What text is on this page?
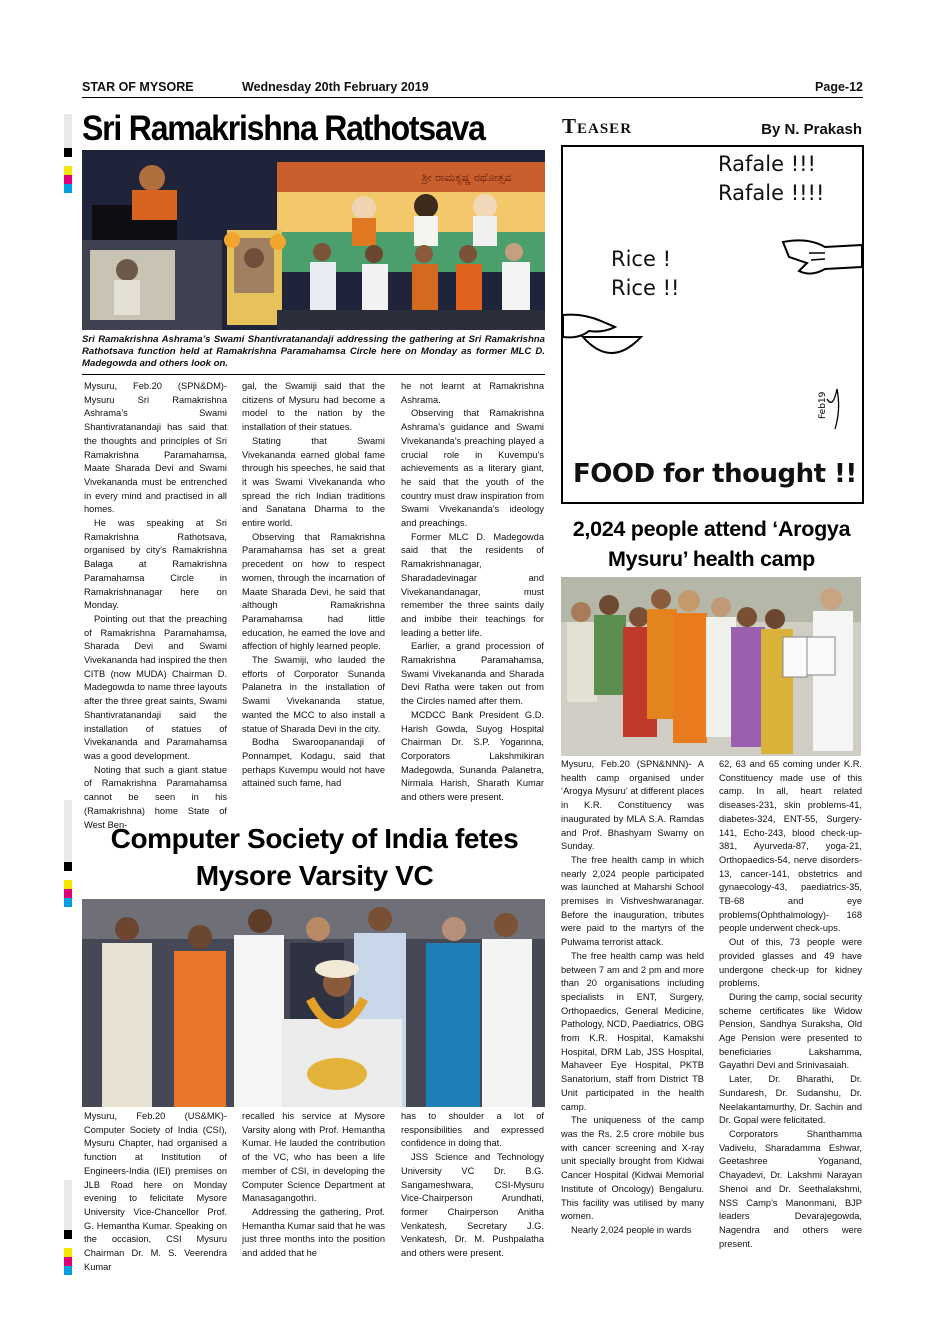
STAR OF MYSORE	Wednesday 20th February 2019	Page-12
Sri Ramakrishna Rathotsava
ಶ್ರೀ ರಾಮಕೃಷ್ಣ ರಥೋತ್ಸವ
Sri Ramakrishna Ashrama’s Swami Shantivratanandaji addressing the gathering at Sri Ramakrishna Rathotsava function held at Ramakrishna Paramahamsa Circle here on Monday as former MLC D. Madegowda and others look on.

Mysuru, Feb.20 (SPN&DM)- Mysuru Sri Ramakrishna Ashrama’s Swami Shantivratanandaji has said that the thoughts and principles of Sri Ramakrishna Paramahamsa, Maate Sharada Devi and Swami Vivekananda must be entrenched in every mind and practised in all homes.

He was speaking at Sri Ramakrishna Rathotsava, organised by city’s Ramakrishna Balaga at Ramakrishna Paramahamsa Circle in Ramakrishnanagar here on Monday.

Pointing out that the preaching of Ramakrishna Paramahamsa, Sharada Devi and Swami Vivekananda had inspired the then CITB (now MUDA) Chairman D. Madegowda to name three layouts after the three great saints, Swami Shantivratanandaji said the installation of statues of Vivekananda and Paramahamsa was a good development.

Noting that such a giant statue of Ramakrishna Paramahamsa cannot be seen in his (Ramakrishna) home State of West Ben-

gal, the Swamiji said that the citizens of Mysuru had become a model to the nation by the installation of their statues.

Stating that Swami Vivekananda earned global fame through his speeches, he said that it was Swami Vivekananda who spread the rich Indian traditions and Sanatana Dharma to the entire world.

Observing that Ramakrishna Paramahamsa has set a great precedent on how to respect women, through the incarnation of Maate Sharada Devi, he said that although Ramakrishna Paramahamsa had little education, he earned the love and affection of highly learned people.

The Swamiji, who lauded the efforts of Corporator Sunanda Palanetra in the installation of Swami Vivekananda statue, wanted the MCC to also install a statue of Sharada Devi in the city.

Bodha Swaroopanandaji of Ponnampet, Kodagu, said that perhaps Kuvempu would not have attained such fame, had

he not learnt at Ramakrishna Ashrama.

Observing that Ramakrishna Ashrama’s guidance and Swami Vivekananda’s preaching played a crucial role in Kuvempu’s achievements as a literary giant, he said that the youth of the country must draw inspiration from Swami Vivekananda’s ideology and preachings.

Former MLC D. Madegowda said that the residents of Ramakrishnanagar, Sharadadevinagar and Vivekanandanagar, must remember the three saints daily and imbibe their teachings for leading a better life.

Earlier, a grand procession of Ramakrishna Paramahamsa, Swami Vivekananda and Sharada Devi Ratha were taken out from the Circles named after them.

MCDCC Bank President G.D. Harish Gowda, Suyog Hospital Chairman Dr. S.P. Yogannna, Corporators Lakshmikiran Madegowda, Sunanda Palanetra, Nirmala Harish, Sharath Kumar and others were present.

Teaser	By N. Prakash
Rafale !!!
Rafale !!!!
Rice !
Rice !!
Feb19
FOOD for thought !!
2,024 people attend ‘Arogya
Mysuru’ health camp

Mysuru, Feb.20 (SPN&NNN)- A health camp organised under ‘Arogya Mysuru’ at different places in K.R. Constituency was inaugurated by MLA S.A. Ramdas and Prof. Bhashyam Swamy on Sunday.

The free health camp in which nearly 2,024 people participated was launched at Maharshi School premises in Vishveshwaranagar. Before the inauguration, tributes were paid to the martyrs of the Pulwama terrorist attack.

The free health camp was held between 7 am and 2 pm and more than 20 organisations including specialists in ENT, Surgery, Orthopaedics, General Medicine, Pathology, NCD, Paediatrics, OBG from K.R. Hospital, Kamakshi Hospital, DRM Lab, JSS Hospital, Mahaveer Eye Hospital, PKTB Sanatorium, staff from District TB Unit participated in the health camp.

The uniqueness of the camp was the Rs. 2.5 crore mobile bus with cancer screening and X-ray unit specially brought from Kidwai Cancer Hospital (Kidwai Memorial Institute of Oncology) Bengaluru. This facility was utilised by many women.

Nearly 2,024 people in wards

62, 63 and 65 coming under K.R. Constituency made use of this camp. In all, heart related diseases-231, skin problems-41, diabetes-324, ENT-55, Surgery-141, Echo-243, blood check-up-381, Ayurveda-87, yoga-21, Orthopaedics-54, nerve disorders-13, cancer-141, obstetrics and gynaecology-43, paediatrics-35, TB-68 and eye problems(Ophthalmology)- 168 people underwent check-ups.

Out of this, 73 people were provided glasses and 49 have undergone check-up for kidney problems.

During the camp, social security scheme certificates like Widow Pension, Sandhya Suraksha, Old Age Pension were presented to beneficiaries Lakshamma, Gayathri Devi and Srinivasaiah.

Later, Dr. Bharathi, Dr. Sundaresh, Dr. Sudanshu, Dr. Neelakantamurthy, Dr. Sachin and Dr. Gopal were felicitated.

Corporators Shanthamma Vadivelu, Sharadamma Eshwar, Geetashree Yoganand, Chayadevi, Dr. Lakshmi Narayan Shenoi and Dr. Seethalakshmi, NSS Camp’s Manonmani, BJP leaders Devarajegowda, Nagendra and others were present.

Computer Society of India fetes
Mysore Varsity VC

Mysuru, Feb.20 (US&MK)- Computer Society of India (CSI), Mysuru Chapter, had organised a function at Institution of Engineers-India (IEI) premises on JLB Road here on Monday evening to felicitate Mysore University Vice-Chancellor Prof. G. Hemantha Kumar. Speaking on the occasion, CSI Mysuru Chairman Dr. M. S. Veerendra Kumar

recalled his service at Mysore Varsity along with Prof. Hemantha Kumar. He lauded the contribution of the VC, who has been a life member of CSI, in developing the Computer Science Department at Manasagangothri.

Addressing the gathering, Prof. Hemantha Kumar said that he was just three months into the position and added that he

has to shoulder a lot of responsibilities and expressed confidence in doing that.

JSS Science and Technology University VC Dr. B.G. Sangameshwara, CSI-Mysuru Vice-Chairperson Arundhati, former Chairperson Anitha Venkatesh, Secretary J.G. Venkatesh, Dr. M. Pushpalatha and others were present.
